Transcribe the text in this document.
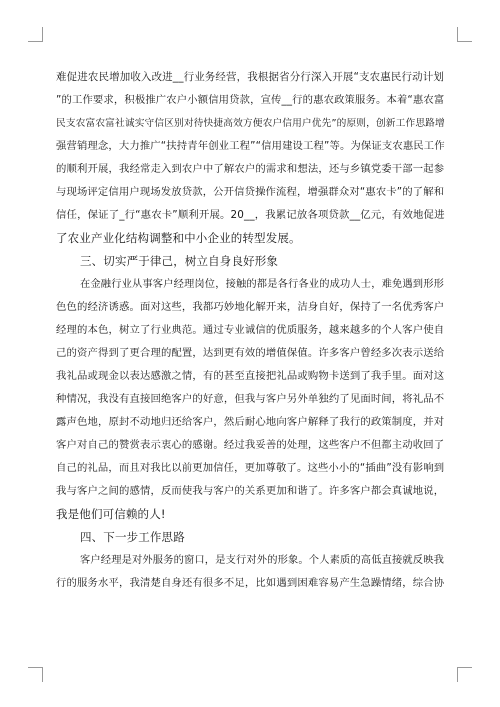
难促进农民增加收入改进__行业务经营，我根据省分行深入开展“支农惠民行动计划

”的工作要求，积极推广农户小额信用贷款，宣传__行的惠农政策服务。本着“惠农富

民支农富农富社诚实守信区别对待快捷高效方便农户信用户优先”的原则，创新工作思路增

强营销理念，大力推广“扶持青年创业工程”“信用建设工程”等。为保证支农惠民工作

的顺利开展，我经常走入到农户中了解农户的需求和想法，还与乡镇党委干部一起参

与现场评定信用户现场发放贷款，公开信贷操作流程，增强群众对“惠农卡”的了解和

信任，保证了_行“惠农卡”顺利开展。20__，我累记放各项贷款__亿元，有效地促进

了农业产业化结构调整和中小企业的转型发展。

三、切实严于律己，树立自身良好形象

在金融行业从事客户经理岗位，接触的都是各行各业的成功人士，难免遇到形形

色色的经济诱惑。面对这些，我都巧妙地化解开来，洁身自好，保持了一名优秀客户

经理的本色，树立了行业典范。通过专业诚信的优质服务，越来越多的个人客户使自

己的资产得到了更合理的配置，达到更有效的增值保值。许多客户曾经多次表示送给

我礼品或现金以表达感激之情，有的甚至直接把礼品或购物卡送到了我手里。面对这

种情况，我没有直接回绝客户的好意，但我与客户另外单独约了见面时间，将礼品不

露声色地，原封不动地归还给客户，然后耐心地向客户解释了我行的政策制度，并对

客户对自己的赞赏表示衷心的感谢。经过我妥善的处理，这些客户不但都主动收回了

自己的礼品，而且对我比以前更加信任，更加尊敬了。这些小小的“插曲”没有影响到

我与客户之间的感情，反而使我与客户的关系更加和谐了。许多客户都会真诚地说，

我是他们可信赖的人!

四、下一步工作思路

客户经理是对外服务的窗口，是支行对外的形象。个人素质的高低直接就反映我

行的服务水平，我清楚自身还有很多不足，比如遇到困难容易产生急躁情绪，综合协
